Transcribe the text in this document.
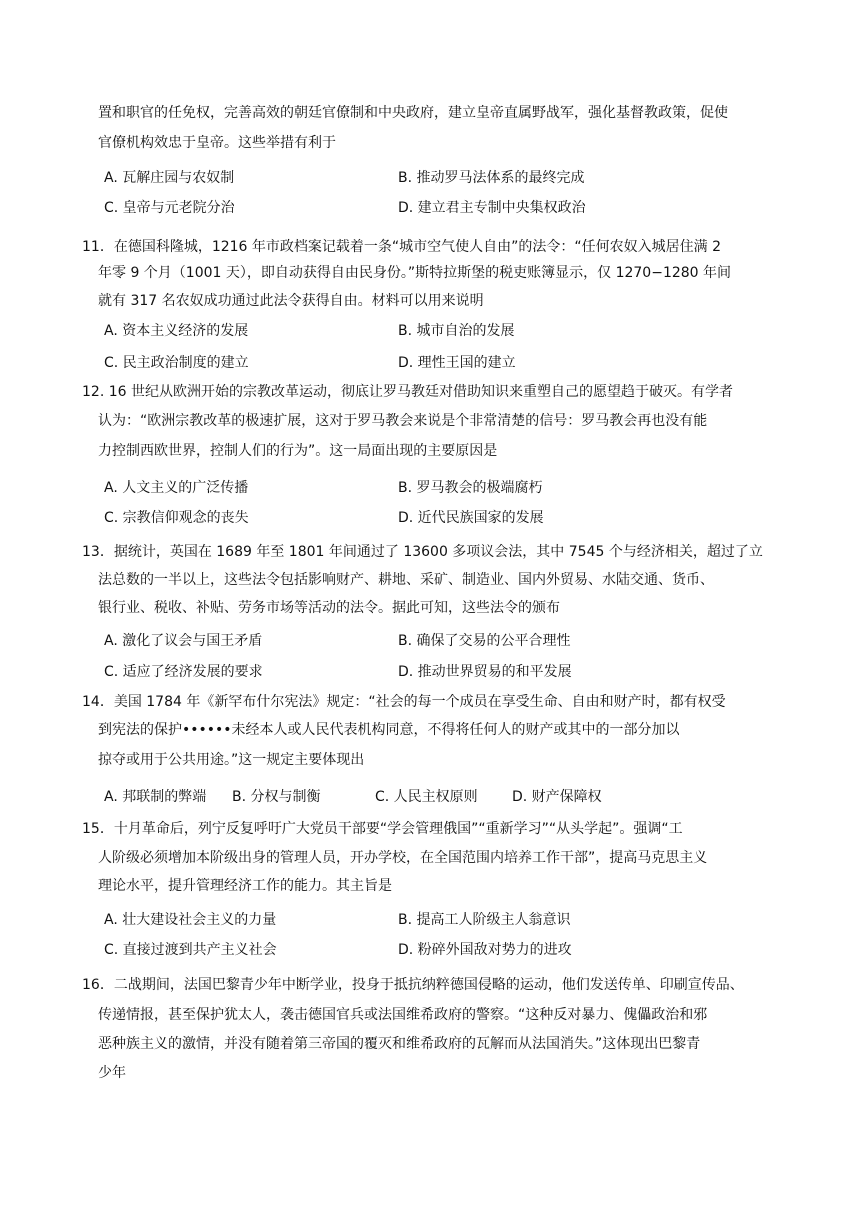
置和职官的任免权，完善高效的朝廷官僚制和中央政府，建立皇帝直属野战军，强化基督教政策，促使
官僚机构效忠于皇帝。这些举措有利于
A. 瓦解庄园与农奴制	B. 推动罗马法体系的最终完成
C. 皇帝与元老院分治	D. 建立君主专制中央集权政治
11．在德国科隆城，1216 年市政档案记载着一条“城市空气使人自由”的法令：“任何农奴入城居住满 2
年零 9 个月（1001 天），即自动获得自由民身份。”斯特拉斯堡的税吏账簿显示，仅 1270−1280 年间
就有 317 名农奴成功通过此法令获得自由。材料可以用来说明
A. 资本主义经济的发展	B. 城市自治的发展
C. 民主政治制度的建立	D. 理性王国的建立
12. 16 世纪从欧洲开始的宗教改革运动，彻底让罗马教廷对借助知识来重塑自己的愿望趋于破灭。有学者
认为：“欧洲宗教改革的极速扩展，这对于罗马教会来说是个非常清楚的信号：罗马教会再也没有能
力控制西欧世界，控制人们的行为”。这一局面出现的主要原因是
A. 人文主义的广泛传播	B. 罗马教会的极端腐朽
C. 宗教信仰观念的丧失	D. 近代民族国家的发展
13．据统计，英国在 1689 年至 1801 年间通过了 13600 多项议会法，其中 7545 个与经济相关，超过了立
法总数的一半以上，这些法令包括影响财产、耕地、采矿、制造业、国内外贸易、水陆交通、货币、
银行业、税收、补贴、劳务市场等活动的法令。据此可知，这些法令的颁布
A. 激化了议会与国王矛盾	B. 确保了交易的公平合理性
C. 适应了经济发展的要求	D. 推动世界贸易的和平发展
14．美国 1784 年《新罕布什尔宪法》规定：“社会的每一个成员在享受生命、自由和财产时，都有权受
到宪法的保护••••••未经本人或人民代表机构同意，不得将任何人的财产或其中的一部分加以
掠夺或用于公共用途。”这一规定主要体现出
A. 邦联制的弊端 B. 分权与制衡	C. 人民主权原则 D. 财产保障权
15．十月革命后，列宁反复呼吁广大党员干部要“学会管理俄国”“重新学习”“从头学起”。强调“工
人阶级必须增加本阶级出身的管理人员，开办学校，在全国范围内培养工作干部”，提高马克思主义
理论水平，提升管理经济工作的能力。其主旨是
A. 壮大建设社会主义的力量	B. 提高工人阶级主人翁意识
C. 直接过渡到共产主义社会	D. 粉碎外国敌对势力的进攻
16．二战期间，法国巴黎青少年中断学业，投身于抵抗纳粹德国侵略的运动，他们发送传单、印刷宣传品、
传递情报，甚至保护犹太人，袭击德国官兵或法国维希政府的警察。“这种反对暴力、傀儡政治和邪
恶种族主义的激情，并没有随着第三帝国的覆灭和维希政府的瓦解而从法国消失。”这体现出巴黎青
少年
